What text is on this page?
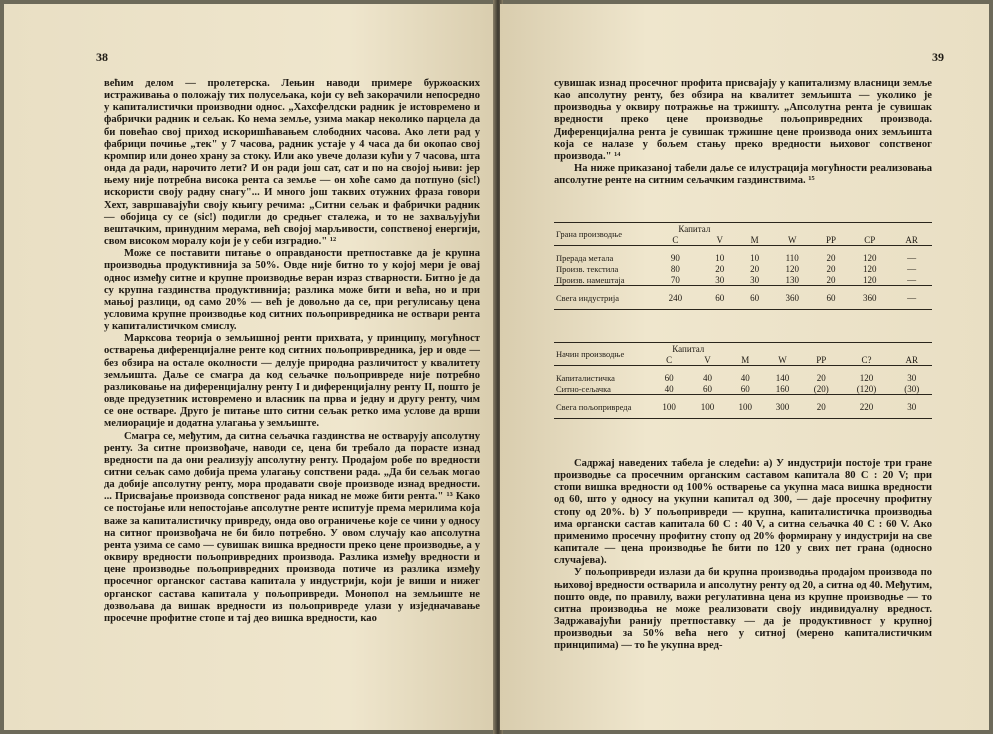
38

већим делом — пролетерска. Лењин наводи примере буржоаских истраживања о положају тих полусељака, који су већ закорачили непосредно у капиталистички производни однос. „Хахсфелдски радник је истовремено и фабрички радник и сељак. Ко нема земље, узима макар неколико парцела да би повећао свој приход искоришћавањем слободних часова. Ако лети рад у фабрици почиње „тек" у 7 часова, радник устаје у 4 часа да би окопао свој кромпир или донео храну за стоку. Или ако увече долази кући у 7 часова, шта онда да ради, нарочито лети? И он ради још сат, сат и по на својој њиви: јер њему није потребна висока рента са земље — он хоће само да потпуно (sic!) искористи своју радну снагу"... И много још таквих отужних фраза говори Хехт, завршавајући своју књигу речима: „Ситни сељак и фабрички радник — обојица су се (sic!) подигли до средњег сталежа, и то не захваљујући вештачким, принудним мерама, већ својој марљивости, сопственој енергији, свом високом моралу који је у себи изградио." ¹²

Може се поставити питање о оправданости претпоставке да је крупна производња продуктивнија за 50%. Овде није битно то у којој мери је овај однос између ситне и крупне производње веран израз стварности. Битно је да су крупна газдинства продуктивнија; разлика може бити и већа, но и при мањој разлици, од само 20% — већ је довољно да се, при регулисању цена условима крупне производње код ситних пољопривредника не оствари рента у капиталистичком смислу.

Марксова теорија о земљишној ренти прихвата, у принципу, могућност остварења диференцијалне ренте код ситних пољопривредника, јер и овде — без обзира на остале околности — делује природна различитост у квалитету земљишта. Даље се смагра да код сељачке пољопривреде није потребно разликовање на диференцијалну ренту I и диференцијалну ренту II, пошто је овде предузетник истовремено и власник па прва и једну и другу ренту, чим се оне остваре. Друго је питање што ситни сељак ретко има услове да врши мелиорације и додатна улагања у земљиште.

Смагра се, међутим, да ситна сељачка газдинства не остварују апсолутну ренту. За ситне произвођаче, наводи се, цена би требало да порасте изнад вредности па да они реализују апсолутну ренту. Продајом робе по вредности ситни сељак само добија према улагању сопствени рада. „Да би сељак могао да добије апсолутну ренту, мора продавати своје производе изнад вредности. ... Присвајање производа сопственог рада никад не може бити рента." ¹³ Како се постојање или непостојање апсолутне ренте испитује према мерилима која важе за капиталистичку привреду, онда ово ограничење које се чини у односу на ситног произвођача не би било потребно. У овом случају као апсолутна рента узима се само — сувишак вишка вредности преко цене производње, а у оквиру вредности пољопривредних производа. Разлика између вредности и цене производње пољопривредних производа потиче из разлика између просечног органског састава капитала у индустрији, који је виши и нижег органског састава капитала у пољопривреди. Монопол на земљиште не дозвољава да вишак вредности из пољопривреде улази у изједначавање просечне профитне стопе и тај део вишка вредности, као

39

сувишак изнад просечног профита присвајају у капитализму власници земље као апсолутну ренту, без обзира на квалитет земљишта — уколико је производња у оквиру потражње на тржишту. „Апсолутна рента је сувишак вредности преко цене производње пољопривредних производа. Диференцијална рента је сувишак тржишне цене производа оних земљишта која се налазе у бољем стању преко вредности њиховог сопственог производа." ¹⁴

На ниже приказаној табели даље се илустрација могућности реализовања апсолутне ренте на ситним сељачким газдинствима. ¹⁵

Грана производње	Капитал						
	C	V	M	W	PP	CP	AR

Прерада метала	90	10	10	110	20	120	—
Произв. текстила	80	20	20	120	20	120	—
Произв. намештаја	70	30	30	130	20	120	—

Свега индустрија	240	60	60	360	60	360	—

Начин производње	Капитал						
	C	V	M	W	PP	C?	AR

Капиталистичка	60	40	40	140	20	120	30
Ситно-сељачка	40	60	60	160	(20)	(120)	(30)

Свега пољопривреда	100	100	100	300	20	220	30

Садржај наведених табела је следећи: а) У индустрији постоје три гране производње са просечним органским саставом капитала 80 C : 20 V; при стопи вишка вредности од 100% остварење са укупна маса вишка вредности од 60, што у односу на укупни капитал од 300, — даје просечну профитну стопу од 20%. b) У пољопривреди — крупна, капиталистичка производња има органски састав капитала 60 C : 40 V, а ситна сељачка 40 C : 60 V. Ако применимо просечну профитну стопу од 20% формирану у индустрији на све капитале — цена производње ће бити по 120 у свих пет грана (односно случајева).

У пољопривреди излази да би крупна производња продајом производа по њиховој вредности остварила и апсолутну ренту од 20, а ситна од 40. Међутим, пошто овде, по правилу, важи регулативна цена из крупне производње — то ситна производња не може реализовати своју индивидуалну вредност. Задржавајући ранију претпоставку — да је продуктивност у крупној производњи за 50% већа него у ситној (мерено капиталистичким принципима) — то ће укупна вред-
